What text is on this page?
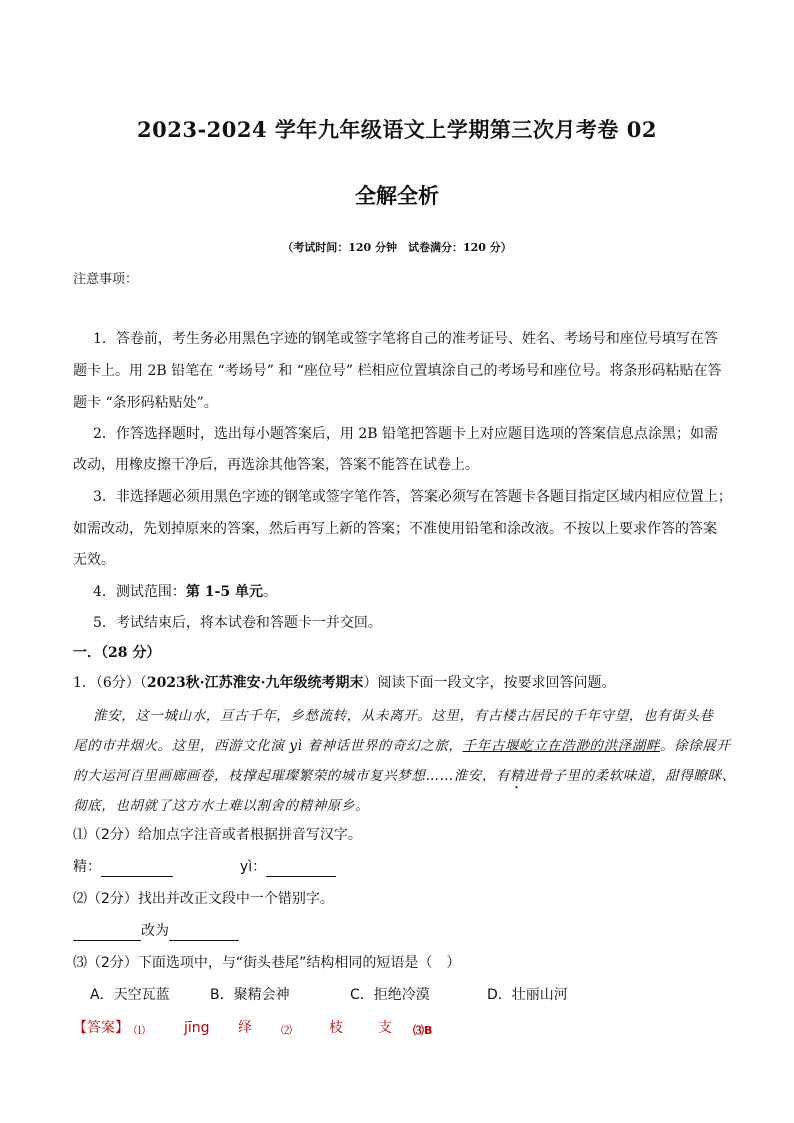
2023-2024 学年九年级语文上学期第三次月考卷 02
全解全析
（考试时间：120 分钟　试卷满分：120 分）
注意事项：
1．答卷前，考生务必用黑色字迹的钢笔或签字笔将自己的准考证号、姓名、考场号和座位号填写在答
题卡上。用 2B 铅笔在 “考场号” 和 “座位号” 栏相应位置填涂自己的考场号和座位号。将条形码粘贴在答
题卡 “条形码粘贴处”。
2．作答选择题时，选出每小题答案后，用 2B 铅笔把答题卡上对应题目选项的答案信息点涂黑；如需
改动，用橡皮擦干净后，再选涂其他答案，答案不能答在试卷上。
3．非选择题必须用黑色字迹的钢笔或签字笔作答，答案必须写在答题卡各题目指定区域内相应位置上；
如需改动，先划掉原来的答案，然后再写上新的答案；不准使用铅笔和涂改液。不按以上要求作答的答案
无效。
4．测试范围：第 1-5 单元。
5．考试结束后，将本试卷和答题卡一并交回。
一．（28 分）
1．（6分）（2023秋·江苏淮安·九年级统考期末）阅读下面一段文字，按要求回答问题。
淮安，这一城山水，亘古千年，乡愁流转，从未离开。这里，有古楼古居民的千年守望，也有街头巷
尾的市井烟火。这里，西游文化演 yì 着神话世界的奇幻之旅，千年古堰屹立在浩渺的洪泽湖畔。徐徐展开
的大运河百里画廊画卷，枝撑起璀璨繁荣的城市复兴梦想……淮安，有精进骨子里的柔软味道，甜得瞭眯、
彻底，也胡就了这方水土难以割舍的精神原乡。
⑴（2分）给加点字注音或者根据拼音写汉字。
精：	yì：
⑵（2分）找出并改正文段中一个错别字。
改为
⑶（2分）下面选项中，与“街头巷尾”结构相同的短语是（　）
A．天空瓦蓝	B．聚精会神	C．拒绝冷漠	D．壮丽山河
【答案】 ⑴	jīng 绎	⑵	枝	支 ⑶B
